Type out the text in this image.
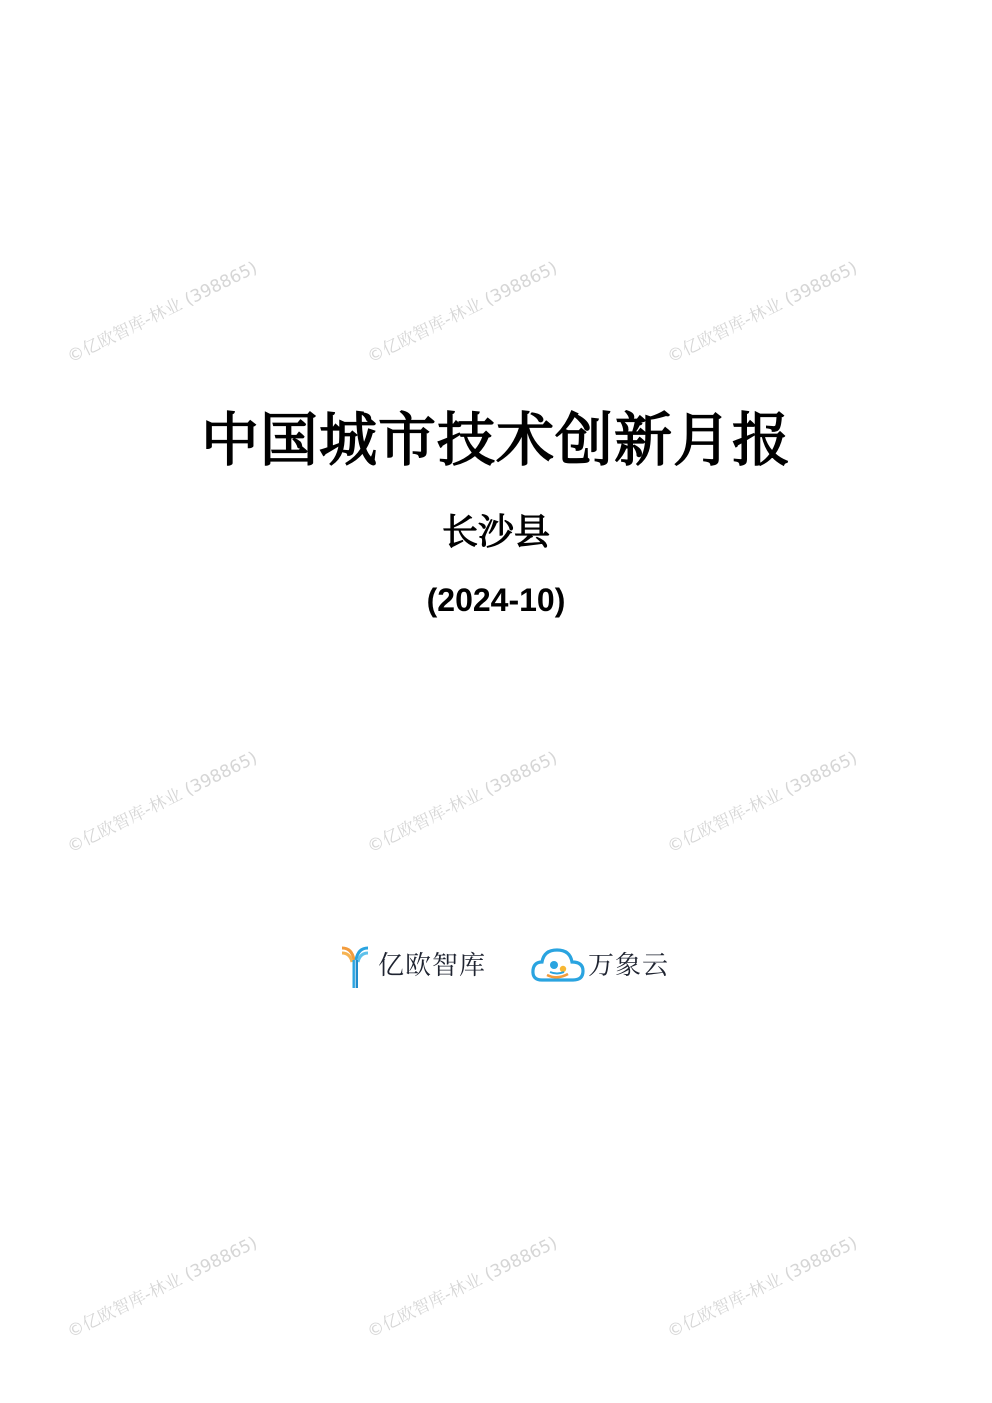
©亿欧智库-林业 (398865)	©亿欧智库-林业 (398865)	©亿欧智库-林业 (398865)
©亿欧智库-林业 (398865)	©亿欧智库-林业 (398865)	©亿欧智库-林业 (398865)
©亿欧智库-林业 (398865)	©亿欧智库-林业 (398865)	©亿欧智库-林业 (398865)
中国城市技术创新月报
长沙县
(2024-10)
亿欧智库	万象云
